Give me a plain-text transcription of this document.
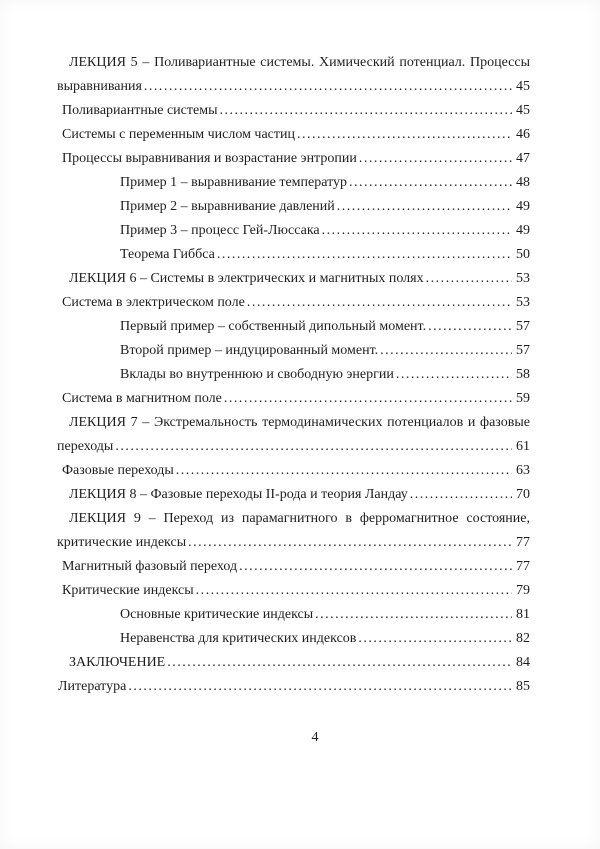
ЛЕКЦИЯ 5 – Поливариантные системы. Химический потенциал. Процессы
выравнивания .....	45
Поливариантные системы .....	45
Системы с переменным числом частиц .....	46
Процессы выравнивания и возрастание энтропии .....	47
Пример 1 – выравнивание температур .....	48
Пример 2 – выравнивание давлений .....	49
Пример 3 – процесс Гей-Люссака .....	49
Теорема Гиббса .....	50
ЛЕКЦИЯ 6 – Системы в электрических и магнитных полях .....	53
Система в электрическом поле .....	53
Первый пример – собственный дипольный момент. .....	57
Второй пример – индуцированный момент. .....	57
Вклады во внутреннюю и свободную энергии .....	58
Система в магнитном поле .....	59
ЛЕКЦИЯ 7 – Экстремальность термодинамических потенциалов и фазовые
переходы .....	61
Фазовые переходы .....	63
ЛЕКЦИЯ 8 – Фазовые переходы II-рода и теория Ландау .....	70
ЛЕКЦИЯ 9 – Переход из парамагнитного в ферромагнитное состояние,
критические индексы .....	77
Магнитный фазовый переход .....	77
Критические индексы .....	79
Основные критические индексы .....	81
Неравенства для критических индексов .....	82
ЗАКЛЮЧЕНИЕ .....	84
Литература .....	85
4
